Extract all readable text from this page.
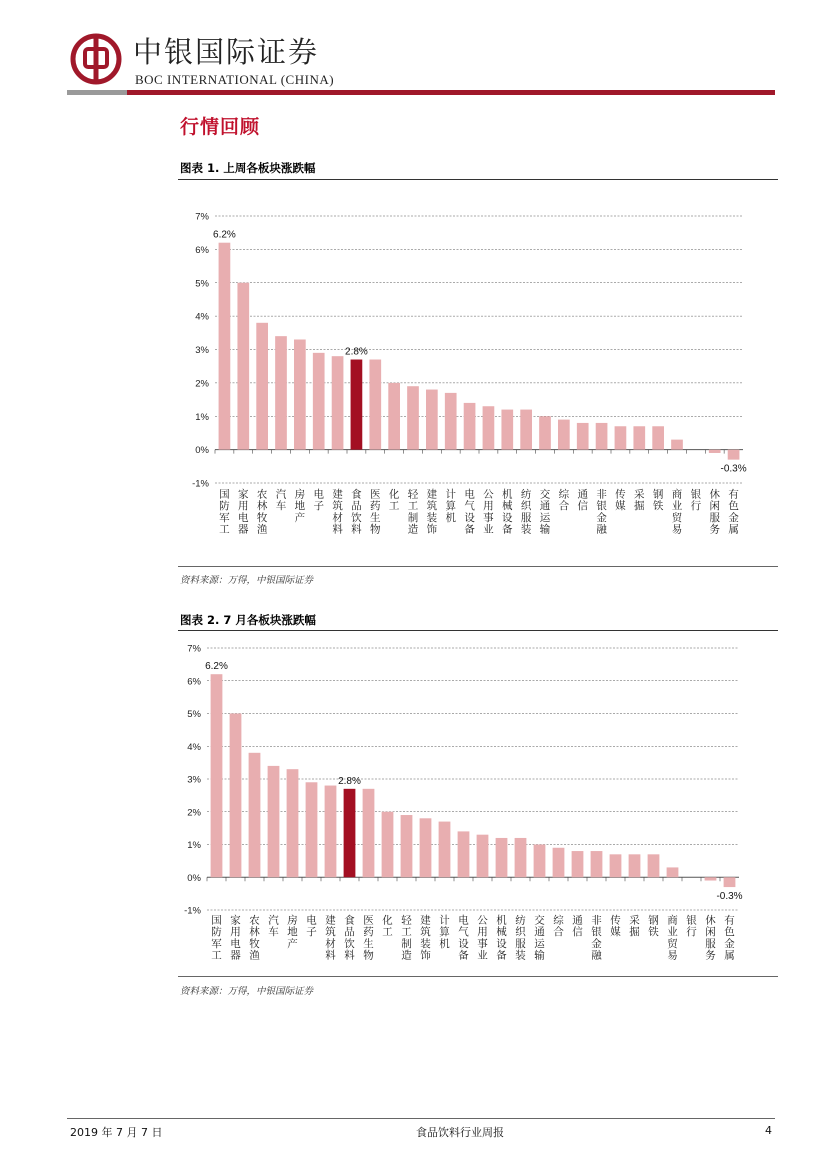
中银国际证券
BOC INTERNATIONAL (CHINA)
行情回顾
图表 1. 上周各板块涨跌幅
7%
6%
5%
4%
3%
2%
1%
0%
-1%
国防军工
6.2%
家用电器
农林牧渔
汽车
房地产
电子
建筑材料
食品饮料
2.8%
医药生物
化工
轻工制造
建筑装饰
计算机
电气设备
公用事业
机械设备
纺织服装
交通运输
综合
通信
非银金融
传媒
采掘
钢铁
商业贸易
银行
休闲服务
有色金属
-0.3%
资料来源：万得，中银国际证券
图表 2. 7 月各板块涨跌幅
7%
6%
5%
4%
3%
2%
1%
0%
-1%
国防军工
6.2%
家用电器
农林牧渔
汽车
房地产
电子
建筑材料
食品饮料
2.8%
医药生物
化工
轻工制造
建筑装饰
计算机
电气设备
公用事业
机械设备
纺织服装
交通运输
综合
通信
非银金融
传媒
采掘
钢铁
商业贸易
银行
休闲服务
有色金属
-0.3%
资料来源：万得，中银国际证券
2019 年 7 月 7 日	食品饮料行业周报	4
